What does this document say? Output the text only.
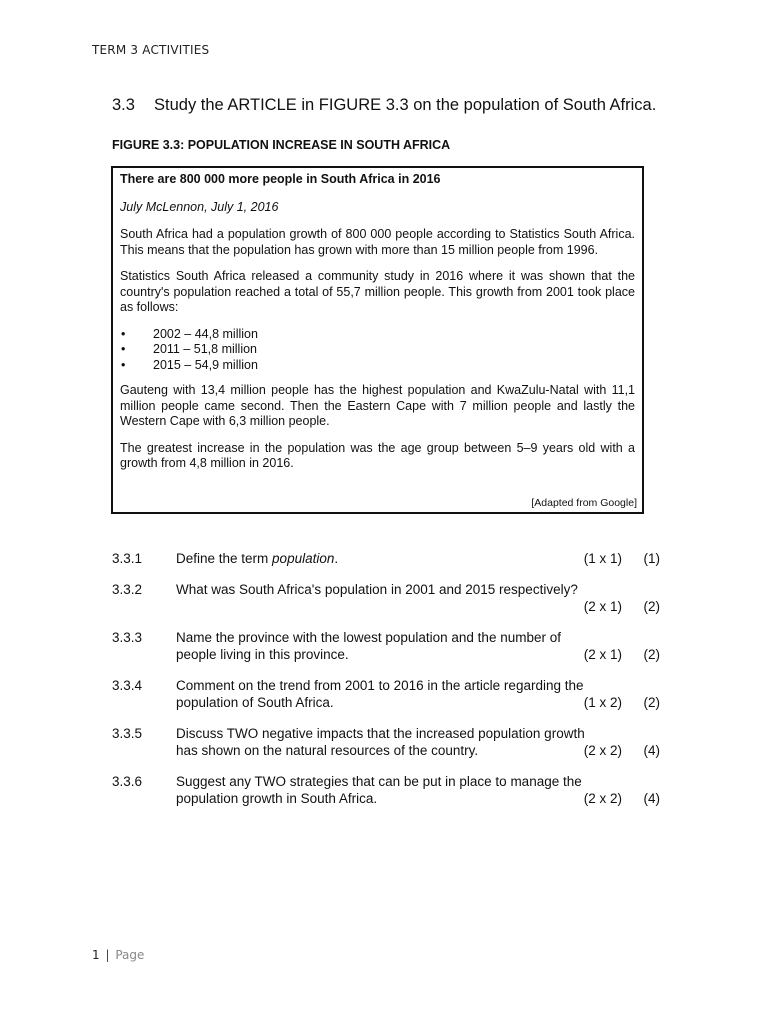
TERM 3 ACTIVITIES
3.3 Study the ARTICLE in FIGURE 3.3 on the population of South Africa.
FIGURE 3.3: POPULATION INCREASE IN SOUTH AFRICA
There are 800 000 more people in South Africa in 2016
July McLennon, July 1, 2016

South Africa had a population growth of 800 000 people according to Statistics South Africa. This means that the population has grown with more than 15 million people from 1996.

Statistics South Africa released a community study in 2016 where it was shown that the country's population reached a total of 55,7 million people. This growth from 2001 took place as follows:

• 2002 – 44,8 million
• 2011 – 51,8 million
• 2015 – 54,9 million

Gauteng with 13,4 million people has the highest population and KwaZulu-Natal with 11,1 million people came second. Then the Eastern Cape with 7 million people and lastly the Western Cape with 6,3 million people.

The greatest increase in the population was the age group between 5–9 years old with a growth from 4,8 million in 2016.

[Adapted from Google]
3.3.1	Define the term population.	(1 x 1) (1)
3.3.2	What was South Africa's population in 2001 and 2015 respectively?

(2 x 1) (2)
3.3.3	Name the province with the lowest population and the number of
people living in this province.	(2 x 1) (2)
3.3.4	Comment on the trend from 2001 to 2016 in the article regarding the
population of South Africa.	(1 x 2) (2)
3.3.5	Discuss TWO negative impacts that the increased population growth
has shown on the natural resources of the country.	(2 x 2) (4)
3.3.6	Suggest any TWO strategies that can be put in place to manage the
population growth in South Africa.	(2 x 2) (4)
1 | Page
